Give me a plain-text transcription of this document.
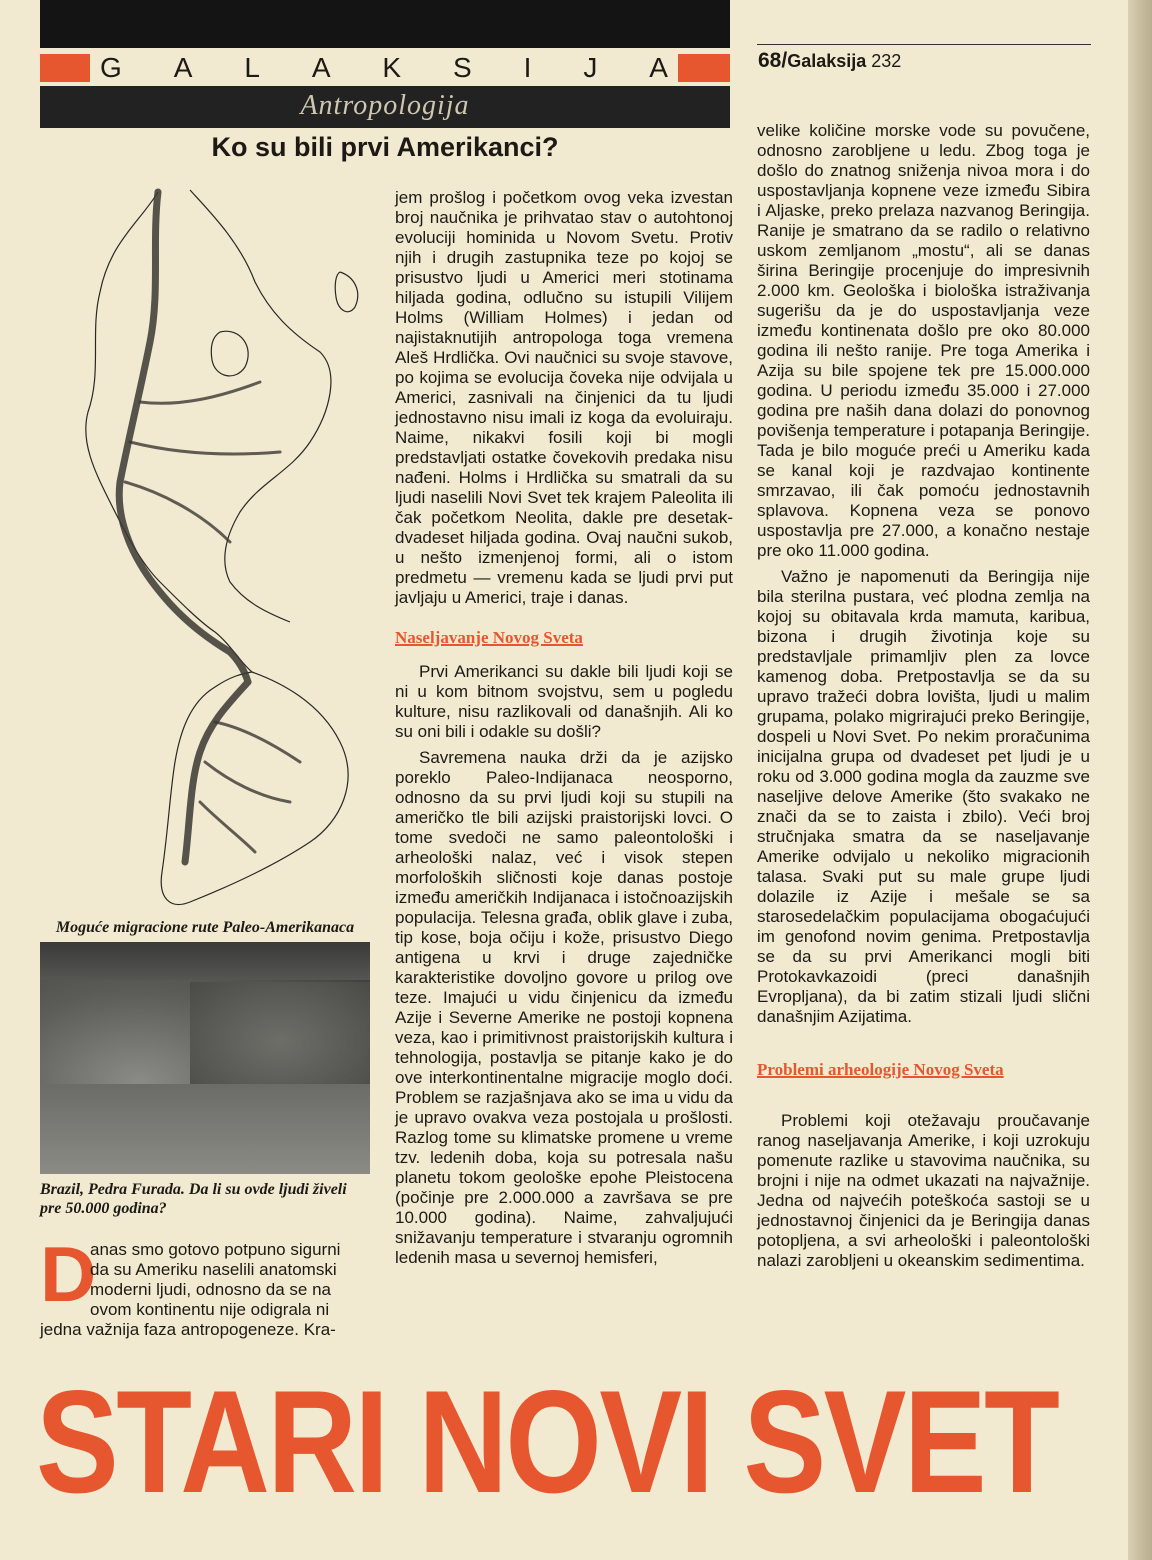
G A L A K S I J A
Antropologija
68/Galaksija 232
Ko su bili prvi Amerikanci?
Moguće migracione rute Paleo-Amerikanaca
Brazil, Pedra Furada. Da li su ovde ljudi živeli pre 50.000 godina?
D
anas smo gotovo potpuno sigurni
da su Ameriku naselili anatomski
moderni ljudi, odnosno da se na
ovom kontinentu nije odigrala ni
jedna važnija faza antropogeneze. Kra-

jem prošlog i početkom ovog veka izvestan broj naučnika je prihvatao stav o autohtonoj evoluciji hominida u Novom Svetu. Protiv njih i drugih zastupnika teze po kojoj se prisustvo ljudi u Americi meri stotinama hiljada godina, odlučno su istupili Vilijem Holms (William Holmes) i jedan od najistaknutijih antropologa toga vremena Aleš Hrdlička. Ovi naučnici su svoje stavove, po kojima se evolucija čoveka nije odvijala u Americi, zasnivali na činjenici da tu ljudi jednostavno nisu imali iz koga da evoluiraju. Naime, nikakvi fosili koji bi mogli predstavljati ostatke čovekovih predaka nisu nađeni. Holms i Hrdlička su smatrali da su ljudi naselili Novi Svet tek krajem Paleolita ili čak početkom Neolita, dakle pre desetak-dvadeset hiljada godina. Ovaj naučni sukob, u nešto izmenjenoj formi, ali o istom predmetu — vremenu kada se ljudi prvi put javljaju u Americi, traje i danas.

Naseljavanje Novog Sveta

Prvi Amerikanci su dakle bili ljudi koji se ni u kom bitnom svojstvu, sem u pogledu kulture, nisu razlikovali od današnjih. Ali ko su oni bili i odakle su došli?

Savremena nauka drži da je azijsko poreklo Paleo-Indijanaca neosporno, odnosno da su prvi ljudi koji su stupili na američko tle bili azijski praistorijski lovci. O tome svedoči ne samo paleontološki i arheološki nalaz, već i visok stepen morfoloških sličnosti koje danas postoje između američkih Indijanaca i istočnoazijskih populacija. Telesna građa, oblik glave i zuba, tip kose, boja očiju i kože, prisustvo Diego antigena u krvi i druge zajedničke karakteristike dovoljno govore u prilog ove teze. Imajući u vidu činjenicu da između Azije i Severne Amerike ne postoji kopnena veza, kao i primitivnost praistorijskih kultura i tehnologija, postavlja se pitanje kako je do ove interkontinentalne migracije moglo doći. Problem se razjašnjava ako se ima u vidu da je upravo ovakva veza postojala u prošlosti. Razlog tome su klimatske promene u vreme tzv. ledenih doba, koja su potresala našu planetu tokom geološke epohe Pleistocena (počinje pre 2.000.000 a završava se pre 10.000 godina). Naime, zahvaljujući snižavanju temperature i stvaranju ogromnih ledenih masa u severnoj hemisferi,

velike količine morske vode su povučene, odnosno zarobljene u ledu. Zbog toga je došlo do znatnog sniženja nivoa mora i do uspostavljanja kopnene veze između Sibira i Aljaske, preko prelaza nazvanog Beringija. Ranije je smatrano da se radilo o relativno uskom zemljanom „mostu“, ali se danas širina Beringije procenjuje do impresivnih 2.000 km. Geološka i biološka istraživanja sugerišu da je do uspostavljanja veze između kontinenata došlo pre oko 80.000 godina ili nešto ranije. Pre toga Amerika i Azija su bile spojene tek pre 15.000.000 godina. U periodu između 35.000 i 27.000 godina pre naših dana dolazi do ponovnog povišenja temperature i potapanja Beringije. Tada je bilo moguće preći u Ameriku kada se kanal koji je razdvajao kontinente smrzavao, ili čak pomoću jednostavnih splavova. Kopnena veza se ponovo uspostavlja pre 27.000, a konačno nestaje pre oko 11.000 godina.

Važno je napomenuti da Beringija nije bila sterilna pustara, već plodna zemlja na kojoj su obitavala krda mamuta, karibua, bizona i drugih životinja koje su predstavljale primamljiv plen za lovce kamenog doba. Pretpostavlja se da su upravo tražeći dobra lovišta, ljudi u malim grupama, polako migrirajući preko Beringije, dospeli u Novi Svet. Po nekim proračunima inicijalna grupa od dvadeset pet ljudi je u roku od 3.000 godina mogla da zauzme sve naseljive delove Amerike (što svakako ne znači da se to zaista i zbilo). Veći broj stručnjaka smatra da se naseljavanje Amerike odvijalo u nekoliko migracionih talasa. Svaki put su male grupe ljudi dolazile iz Azije i mešale se sa starosedelačkim populacijama obogaćujući im genofond novim genima. Pretpostavlja se da su prvi Amerikanci mogli biti Protokavkazoidi (preci današnjih Evropljana), da bi zatim stizali ljudi slični današnjim Azijatima.

Problemi arheologije Novog Sveta

Problemi koji otežavaju proučavanje ranog naseljavanja Amerike, i koji uzrokuju pomenute razlike u stavovima naučnika, su brojni i nije na odmet ukazati na najvažnije. Jedna od najvećih poteškoća sastoji se u jednostavnoj činjenici da je Beringija danas potopljena, a svi arheološki i paleontološki nalazi zarobljeni u okeanskim sedimentima.

STARI NOVI SVET
